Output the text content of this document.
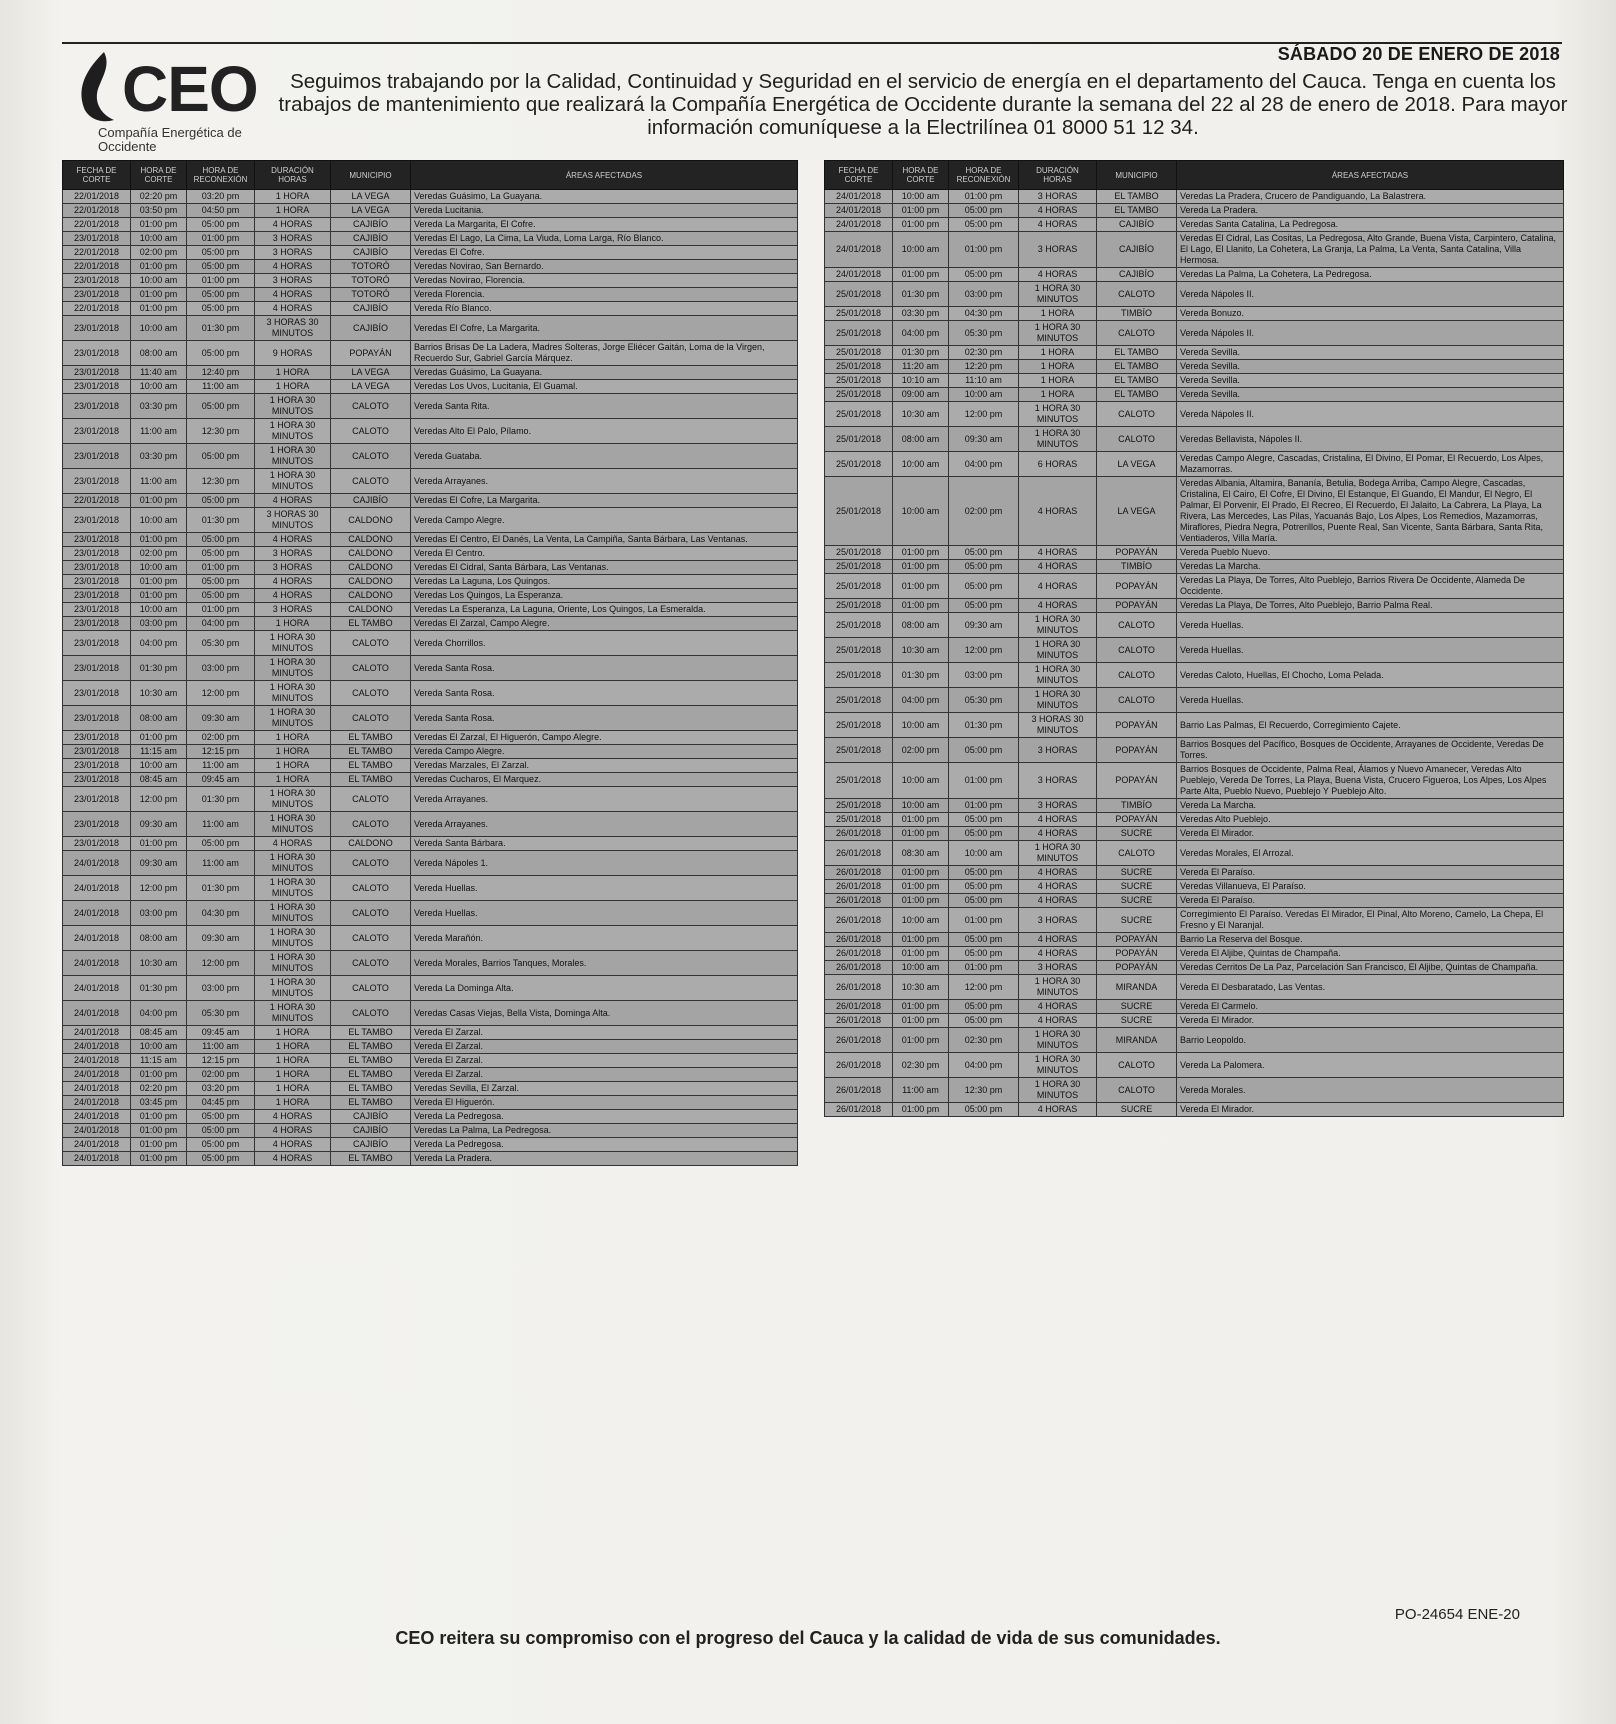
SÁBADO 20 DE ENERO DE 2018
CEO
Compañía Energética de Occidente
Seguimos trabajando por la Calidad, Continuidad y Seguridad en el servicio de energía en el departamento del Cauca. Tenga en cuenta los trabajos de mantenimiento que realizará la Compañía Energética de Occidente durante la semana del 22 al 28 de enero de 2018. Para mayor información comuníquese a la Electrilínea 01 8000 51 12 34.
FECHA DE CORTE	HORA DE CORTE	HORA DE RECONEXIÓN	DURACIÓN HORAS	MUNICIPIO	ÁREAS AFECTADAS
22/01/2018	02:20 pm	03:20 pm	1 HORA	LA VEGA	Veredas Guásimo, La Guayana.
22/01/2018	03:50 pm	04:50 pm	1 HORA	LA VEGA	Vereda Lucitania.
22/01/2018	01:00 pm	05:00 pm	4 HORAS	CAJIBÍO	Vereda La Margarita, El Cofre.
23/01/2018	10:00 am	01:00 pm	3 HORAS	CAJIBÍO	Veredas El Lago, La Cima, La Viuda, Loma Larga, Río Blanco.
22/01/2018	02:00 pm	05:00 pm	3 HORAS	CAJIBÍO	Veredas El Cofre.
22/01/2018	01:00 pm	05:00 pm	4 HORAS	TOTORÓ	Veredas Novirao, San Bernardo.
23/01/2018	10:00 am	01:00 pm	3 HORAS	TOTORÓ	Veredas Novirao, Florencia.
23/01/2018	01:00 pm	05:00 pm	4 HORAS	TOTORÓ	Vereda Florencia.
22/01/2018	01:00 pm	05:00 pm	4 HORAS	CAJIBÍO	Vereda Río Blanco.
23/01/2018	10:00 am	01:30 pm	3 HORAS 30 MINUTOS	CAJIBÍO	Veredas El Cofre, La Margarita.
23/01/2018	08:00 am	05:00 pm	9 HORAS	POPAYÁN	Barrios Brisas De La Ladera, Madres Solteras, Jorge Eliécer Gaitán, Loma de la Virgen, Recuerdo Sur, Gabriel García Márquez.
23/01/2018	11:40 am	12:40 pm	1 HORA	LA VEGA	Veredas Guásimo, La Guayana.
23/01/2018	10:00 am	11:00 am	1 HORA	LA VEGA	Veredas Los Uvos, Lucitania, El Guamal.
23/01/2018	03:30 pm	05:00 pm	1 HORA 30 MINUTOS	CALOTO	Vereda Santa Rita.
23/01/2018	11:00 am	12:30 pm	1 HORA 30 MINUTOS	CALOTO	Veredas Alto El Palo, Pílamo.
23/01/2018	03:30 pm	05:00 pm	1 HORA 30 MINUTOS	CALOTO	Vereda Guataba.
23/01/2018	11:00 am	12:30 pm	1 HORA 30 MINUTOS	CALOTO	Vereda Arrayanes.
22/01/2018	01:00 pm	05:00 pm	4 HORAS	CAJIBÍO	Veredas El Cofre, La Margarita.
23/01/2018	10:00 am	01:30 pm	3 HORAS 30 MINUTOS	CALDONO	Vereda Campo Alegre.
23/01/2018	01:00 pm	05:00 pm	4 HORAS	CALDONO	Veredas El Centro, El Danés, La Venta, La Campiña, Santa Bárbara, Las Ventanas.
23/01/2018	02:00 pm	05:00 pm	3 HORAS	CALDONO	Vereda El Centro.
23/01/2018	10:00 am	01:00 pm	3 HORAS	CALDONO	Veredas El Cidral, Santa Bárbara, Las Ventanas.
23/01/2018	01:00 pm	05:00 pm	4 HORAS	CALDONO	Veredas La Laguna, Los Quingos.
23/01/2018	01:00 pm	05:00 pm	4 HORAS	CALDONO	Veredas Los Quingos, La Esperanza.
23/01/2018	10:00 am	01:00 pm	3 HORAS	CALDONO	Veredas La Esperanza, La Laguna, Oriente, Los Quingos, La Esmeralda.
23/01/2018	03:00 pm	04:00 pm	1 HORA	EL TAMBO	Veredas El Zarzal, Campo Alegre.
23/01/2018	04:00 pm	05:30 pm	1 HORA 30 MINUTOS	CALOTO	Vereda Chorrillos.
23/01/2018	01:30 pm	03:00 pm	1 HORA 30 MINUTOS	CALOTO	Vereda Santa Rosa.
23/01/2018	10:30 am	12:00 pm	1 HORA 30 MINUTOS	CALOTO	Vereda Santa Rosa.
23/01/2018	08:00 am	09:30 am	1 HORA 30 MINUTOS	CALOTO	Vereda Santa Rosa.
23/01/2018	01:00 pm	02:00 pm	1 HORA	EL TAMBO	Veredas El Zarzal, El Higuerón, Campo Alegre.
23/01/2018	11:15 am	12:15 pm	1 HORA	EL TAMBO	Vereda Campo Alegre.
23/01/2018	10:00 am	11:00 am	1 HORA	EL TAMBO	Veredas Marzales, El Zarzal.
23/01/2018	08:45 am	09:45 am	1 HORA	EL TAMBO	Veredas Cucharos, El Marquez.
23/01/2018	12:00 pm	01:30 pm	1 HORA 30 MINUTOS	CALOTO	Vereda Arrayanes.
23/01/2018	09:30 am	11:00 am	1 HORA 30 MINUTOS	CALOTO	Vereda Arrayanes.
23/01/2018	01:00 pm	05:00 pm	4 HORAS	CALDONO	Vereda Santa Bárbara.
24/01/2018	09:30 am	11:00 am	1 HORA 30 MINUTOS	CALOTO	Vereda Nápoles 1.
24/01/2018	12:00 pm	01:30 pm	1 HORA 30 MINUTOS	CALOTO	Vereda Huellas.
24/01/2018	03:00 pm	04:30 pm	1 HORA 30 MINUTOS	CALOTO	Vereda Huellas.
24/01/2018	08:00 am	09:30 am	1 HORA 30 MINUTOS	CALOTO	Vereda Marañón.
24/01/2018	10:30 am	12:00 pm	1 HORA 30 MINUTOS	CALOTO	Vereda Morales, Barrios Tanques, Morales.
24/01/2018	01:30 pm	03:00 pm	1 HORA 30 MINUTOS	CALOTO	Vereda La Dominga Alta.
24/01/2018	04:00 pm	05:30 pm	1 HORA 30 MINUTOS	CALOTO	Veredas Casas Viejas, Bella Vista, Dominga Alta.
24/01/2018	08:45 am	09:45 am	1 HORA	EL TAMBO	Vereda El Zarzal.
24/01/2018	10:00 am	11:00 am	1 HORA	EL TAMBO	Vereda El Zarzal.
24/01/2018	11:15 am	12:15 pm	1 HORA	EL TAMBO	Vereda El Zarzal.
24/01/2018	01:00 pm	02:00 pm	1 HORA	EL TAMBO	Vereda El Zarzal.
24/01/2018	02:20 pm	03:20 pm	1 HORA	EL TAMBO	Veredas Sevilla, El Zarzal.
24/01/2018	03:45 pm	04:45 pm	1 HORA	EL TAMBO	Vereda El Higuerón.
24/01/2018	01:00 pm	05:00 pm	4 HORAS	CAJIBÍO	Vereda La Pedregosa.
24/01/2018	01:00 pm	05:00 pm	4 HORAS	CAJIBÍO	Veredas La Palma, La Pedregosa.
24/01/2018	01:00 pm	05:00 pm	4 HORAS	CAJIBÍO	Vereda La Pedregosa.
24/01/2018	01:00 pm	05:00 pm	4 HORAS	EL TAMBO	Vereda La Pradera.
FECHA DE CORTE	HORA DE CORTE	HORA DE RECONEXIÓN	DURACIÓN HORAS	MUNICIPIO	ÁREAS AFECTADAS
24/01/2018	10:00 am	01:00 pm	3 HORAS	EL TAMBO	Veredas La Pradera, Crucero de Pandiguando, La Balastrera.
24/01/2018	01:00 pm	05:00 pm	4 HORAS	EL TAMBO	Vereda La Pradera.
24/01/2018	01:00 pm	05:00 pm	4 HORAS	CAJIBÍO	Veredas Santa Catalina, La Pedregosa.
24/01/2018	10:00 am	01:00 pm	3 HORAS	CAJIBÍO	Veredas El Cidral, Las Cositas, La Pedregosa, Alto Grande, Buena Vista, Carpintero, Catalina, El Lago, El Llanito, La Cohetera, La Granja, La Palma, La Venta, Santa Catalina, Villa Hermosa.
24/01/2018	01:00 pm	05:00 pm	4 HORAS	CAJIBÍO	Veredas La Palma, La Cohetera, La Pedregosa.
25/01/2018	01:30 pm	03:00 pm	1 HORA 30 MINUTOS	CALOTO	Vereda Nápoles II.
25/01/2018	03:30 pm	04:30 pm	1 HORA	TIMBÍO	Vereda Bonuzo.
25/01/2018	04:00 pm	05:30 pm	1 HORA 30 MINUTOS	CALOTO	Vereda Nápoles II.
25/01/2018	01:30 pm	02:30 pm	1 HORA	EL TAMBO	Vereda Sevilla.
25/01/2018	11:20 am	12:20 pm	1 HORA	EL TAMBO	Vereda Sevilla.
25/01/2018	10:10 am	11:10 am	1 HORA	EL TAMBO	Vereda Sevilla.
25/01/2018	09:00 am	10:00 am	1 HORA	EL TAMBO	Vereda Sevilla.
25/01/2018	10:30 am	12:00 pm	1 HORA 30 MINUTOS	CALOTO	Vereda Nápoles II.
25/01/2018	08:00 am	09:30 am	1 HORA 30 MINUTOS	CALOTO	Veredas Bellavista, Nápoles II.
25/01/2018	10:00 am	04:00 pm	6 HORAS	LA VEGA	Veredas Campo Alegre, Cascadas, Cristalina, El Divino, El Pomar, El Recuerdo, Los Alpes, Mazamorras.
25/01/2018	10:00 am	02:00 pm	4 HORAS	LA VEGA	Veredas Albania, Altamira, Bananía, Betulia, Bodega Arriba, Campo Alegre, Cascadas, Cristalina, El Cairo, El Cofre, El Divino, El Estanque, El Guando, El Mandur, El Negro, El Palmar, El Porvenir, El Prado, El Recreo, El Recuerdo, El Jalaito, La Cabrera, La Playa, La Rivera, Las Mercedes, Las Pilas, Yacuanás Bajo, Los Alpes, Los Remedios, Mazamorras, Miraflores, Piedra Negra, Potrerillos, Puente Real, San Vicente, Santa Bárbara, Santa Rita, Ventiaderos, Villa María.
25/01/2018	01:00 pm	05:00 pm	4 HORAS	POPAYÁN	Vereda Pueblo Nuevo.
25/01/2018	01:00 pm	05:00 pm	4 HORAS	TIMBÍO	Veredas La Marcha.
25/01/2018	01:00 pm	05:00 pm	4 HORAS	POPAYÁN	Veredas La Playa, De Torres, Alto Pueblejo, Barrios Rivera De Occidente, Alameda De Occidente.
25/01/2018	01:00 pm	05:00 pm	4 HORAS	POPAYÁN	Veredas La Playa, De Torres, Alto Pueblejo, Barrio Palma Real.
25/01/2018	08:00 am	09:30 am	1 HORA 30 MINUTOS	CALOTO	Vereda Huellas.
25/01/2018	10:30 am	12:00 pm	1 HORA 30 MINUTOS	CALOTO	Vereda Huellas.
25/01/2018	01:30 pm	03:00 pm	1 HORA 30 MINUTOS	CALOTO	Veredas Caloto, Huellas, El Chocho, Loma Pelada.
25/01/2018	04:00 pm	05:30 pm	1 HORA 30 MINUTOS	CALOTO	Vereda Huellas.
25/01/2018	10:00 am	01:30 pm	3 HORAS 30 MINUTOS	POPAYÁN	Barrio Las Palmas, El Recuerdo, Corregimiento Cajete.
25/01/2018	02:00 pm	05:00 pm	3 HORAS	POPAYÁN	Barrios Bosques del Pacífico, Bosques de Occidente, Arrayanes de Occidente, Veredas De Torres.
25/01/2018	10:00 am	01:00 pm	3 HORAS	POPAYÁN	Barrios Bosques de Occidente, Palma Real, Álamos y Nuevo Amanecer, Veredas Alto Pueblejo, Vereda De Torres, La Playa, Buena Vista, Crucero Figueroa, Los Alpes, Los Alpes Parte Alta, Pueblo Nuevo, Pueblejo Y Pueblejo Alto.
25/01/2018	10:00 am	01:00 pm	3 HORAS	TIMBÍO	Vereda La Marcha.
25/01/2018	01:00 pm	05:00 pm	4 HORAS	POPAYÁN	Veredas Alto Pueblejo.
26/01/2018	01:00 pm	05:00 pm	4 HORAS	SUCRE	Vereda El Mirador.
26/01/2018	08:30 am	10:00 am	1 HORA 30 MINUTOS	CALOTO	Veredas Morales, El Arrozal.
26/01/2018	01:00 pm	05:00 pm	4 HORAS	SUCRE	Vereda El Paraíso.
26/01/2018	01:00 pm	05:00 pm	4 HORAS	SUCRE	Veredas Villanueva, El Paraíso.
26/01/2018	01:00 pm	05:00 pm	4 HORAS	SUCRE	Vereda El Paraíso.
26/01/2018	10:00 am	01:00 pm	3 HORAS	SUCRE	Corregimiento El Paraíso. Veredas El Mirador, El Pinal, Alto Moreno, Camelo, La Chepa, El Fresno y El Naranjal.
26/01/2018	01:00 pm	05:00 pm	4 HORAS	POPAYÁN	Barrio La Reserva del Bosque.
26/01/2018	01:00 pm	05:00 pm	4 HORAS	POPAYÁN	Vereda El Aljibe, Quintas de Champaña.
26/01/2018	10:00 am	01:00 pm	3 HORAS	POPAYÁN	Veredas Cerritos De La Paz, Parcelación San Francisco, El Aljibe, Quintas de Champaña.
26/01/2018	10:30 am	12:00 pm	1 HORA 30 MINUTOS	MIRANDA	Vereda El Desbaratado, Las Ventas.
26/01/2018	01:00 pm	05:00 pm	4 HORAS	SUCRE	Vereda El Carmelo.
26/01/2018	01:00 pm	05:00 pm	4 HORAS	SUCRE	Vereda El Mirador.
26/01/2018	01:00 pm	02:30 pm	1 HORA 30 MINUTOS	MIRANDA	Barrio Leopoldo.
26/01/2018	02:30 pm	04:00 pm	1 HORA 30 MINUTOS	CALOTO	Vereda La Palomera.
26/01/2018	11:00 am	12:30 pm	1 HORA 30 MINUTOS	CALOTO	Vereda Morales.
26/01/2018	01:00 pm	05:00 pm	4 HORAS	SUCRE	Vereda El Mirador.
PO-24654 ENE-20
CEO reitera su compromiso con el progreso del Cauca y la calidad de vida de sus comunidades.
